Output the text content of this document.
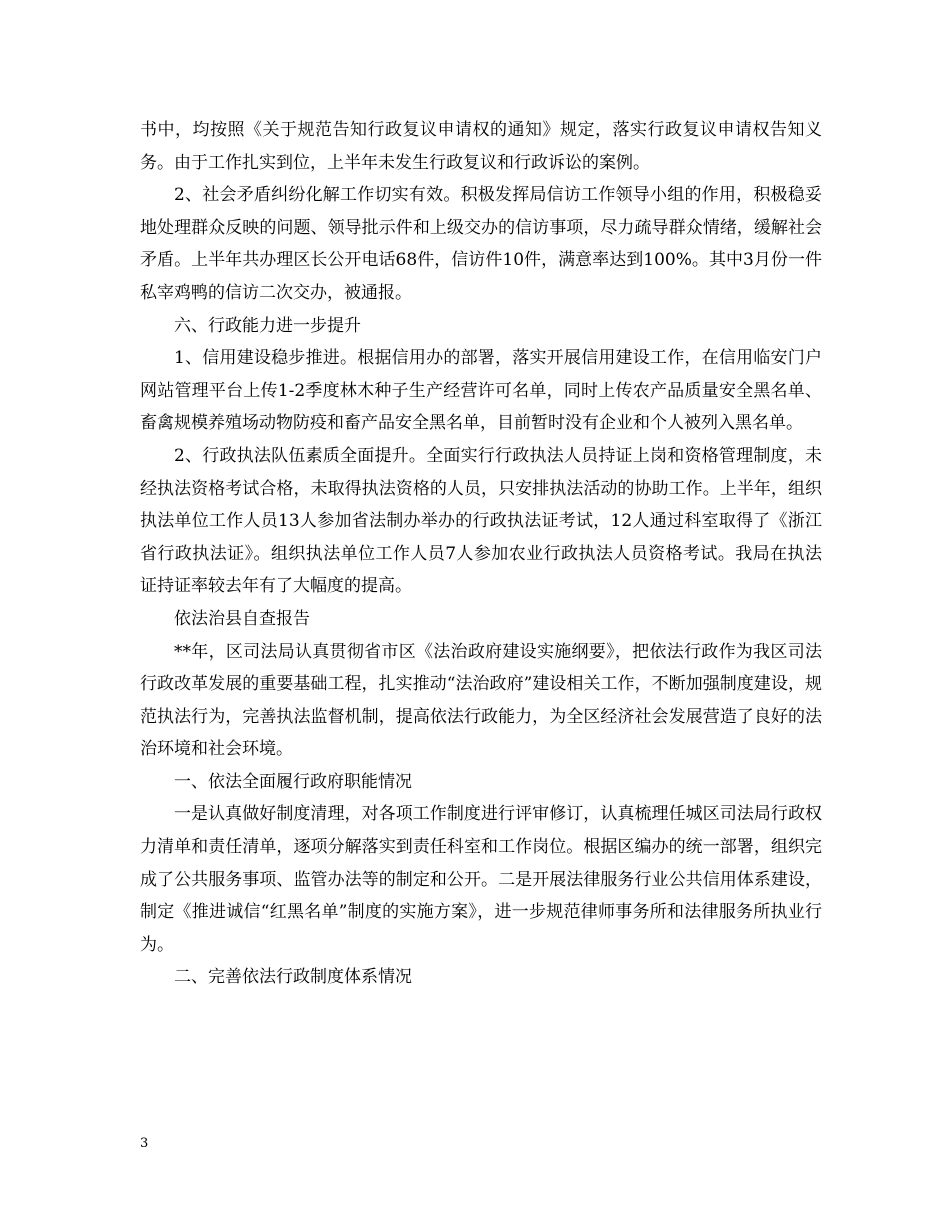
书中，均按照《关于规范告知行政复议申请权的通知》规定，落实行政复议申请权告知义务。由于工作扎实到位，上半年未发生行政复议和行政诉讼的案例。

2、社会矛盾纠纷化解工作切实有效。积极发挥局信访工作领导小组的作用，积极稳妥地处理群众反映的问题、领导批示件和上级交办的信访事项，尽力疏导群众情绪，缓解社会矛盾。上半年共办理区长公开电话68件，信访件10件，满意率达到100%。其中3月份一件私宰鸡鸭的信访二次交办，被通报。

六、行政能力进一步提升

1、信用建设稳步推进。根据信用办的部署，落实开展信用建设工作，在信用临安门户网站管理平台上传1-2季度林木种子生产经营许可名单，同时上传农产品质量安全黑名单、畜禽规模养殖场动物防疫和畜产品安全黑名单，目前暂时没有企业和个人被列入黑名单。

2、行政执法队伍素质全面提升。全面实行行政执法人员持证上岗和资格管理制度，未经执法资格考试合格，未取得执法资格的人员，只安排执法活动的协助工作。上半年，组织执法单位工作人员13人参加省法制办举办的行政执法证考试，12人通过科室取得了《浙江省行政执法证》。组织执法单位工作人员7人参加农业行政执法人员资格考试。我局在执法证持证率较去年有了大幅度的提高。

依法治县自查报告

**年，区司法局认真贯彻省市区《法治政府建设实施纲要》，把依法行政作为我区司法行政改革发展的重要基础工程，扎实推动“法治政府”建设相关工作，不断加强制度建设，规范执法行为，完善执法监督机制，提高依法行政能力，为全区经济社会发展营造了良好的法治环境和社会环境。

一、依法全面履行政府职能情况

一是认真做好制度清理，对各项工作制度进行评审修订，认真梳理任城区司法局行政权力清单和责任清单，逐项分解落实到责任科室和工作岗位。根据区编办的统一部署，组织完成了公共服务事项、监管办法等的制定和公开。二是开展法律服务行业公共信用体系建设，制定《推进诚信“红黑名单”制度的实施方案》，进一步规范律师事务所和法律服务所执业行为。

二、完善依法行政制度体系情况

3
